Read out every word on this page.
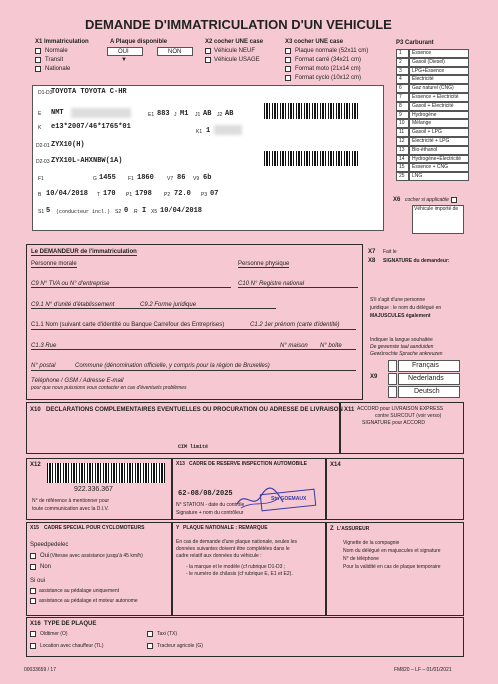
DEMANDE D'IMMATRICULATION D'UN VEHICULE
X1 Immatriculation
Normale
Transit
Nationale
A Plaque disponible
OUI	NON
▼
X2 cocher UNE case
Véhicule NEUF
Véhicule USAGE
X3 cocher UNE case
Plaque normale (52x11 cm)
Format carré (34x21 cm)
Format moto (21x14 cm)
Format cyclo (10x12 cm)
P3 Carburant
1 Essence
2 Gasoil (Diesel)
3 LPG+Essence
4 Electricité
6 Gaz naturel (CNG)
7 Essence + Electricité
8 Gasoil + Electricité
9 Hydrogène
10 Mélange
11 Gasoil + LPG
12 Electricité + LPG
13 Bio-éthanol
14 Hydrogène+Electricité
15 Essence + CNG
25 LNG
X6 cocher si applicable
Véhicule importé de
D1-D3
TOYOTA TOYOTA C-HR
E NMT	E1 883 J M1 J1 AB J2 AB
K e13*2007/46*1765*01
K1 1
D2-01 ZYX10(H)
D2-03 ZYX10L-AHXNBW(1A)
F1	G 1455 F1 1860	V7 86 V9 6b
B 10/04/2018 T 170 P1 1798 P2 72.0 P3 07
S1 5 (conducteur incl.) S2 0 R I X5 10/04/2018
Le DEMANDEUR de l'immatriculation
Personne morale	Personne physique
C9 N° TVA ou N° d'entreprise	C10 N° Registre national
C9.1 N° d'unité d'établissement	C9.2 Forme juridique
C1.1 Nom (suivant carte d'identité ou Banque Carrefour des Entreprises)	C1.2 1er prénom (carte d'identité)
C1.3 Rue	N° maison N° boîte
N° postal	Commune (dénomination officielle, y compris pour la région de Bruxelles)
Téléphone / GSM / Adresse E-mail
pour que nous puissions vous contacter en cas d'éventuels problèmes
X7 Fait le
X8 SIGNATURE du demandeur:
S'il s'agit d'une personne
juridique : le nom du délégué en
MAJUSCULES également
Indiquer la langue souhaitée
De gewenste taal aanduiden
Gewünschte Sprache ankreuzen
X9
Français
Nederlands
Deutsch
X10 DECLARATIONS COMPLEMENTAIRES EVENTUELLES OU PROCURATION OU ADRESSE DE LIVRAISON
CIM limité
X11 ACCORD pour LIVRAISON EXPRESS
contre SURCOUT (voir verso)
SIGNATURE pour ACCORD
X12
922.336.367
N° de référence à mentionner pour
toute communication avec la D.I.V.
X13 CADRE DE RESERVE INSPECTION AUTOMOBILE
62-08/08/2025
N° STATION - date du contrôle
Signature + nom du contrôleur
Stn GOEMAUX
X14
X15 CADRE SPECIAL POUR CYCLOMOTEURS
Speedpedelec
Oui (Vitesse avec assistance jusqu'à 45 km/h)
Non
Si oui
assistance au pédalage uniquement
assistance au pédalage et moteur autonome
Y PLAQUE NATIONALE : REMARQUE
En cas de demande d'une plaque nationale, seules les
données suivantes doivent être complétées dans le
cadre relatif aux données du véhicule :
- la marque et le modèle (cf rubrique D1-D3 ;
- le numéro de châssis (cf rubrique E, E1 et E2).
Z L'ASSUREUR
Vignette de la compagnie
Nom du délégué en majuscules et signature
N° de téléphone
Pour la validité en cas de plaque temporaire
X16 TYPE DE PLAQUE
Oldtimer (O)	Taxi (TX)
Location avec chauffeur (TL)	Tracteur agricole (G)
00033659 / 17	FM820 – LF – 01/01/2021
